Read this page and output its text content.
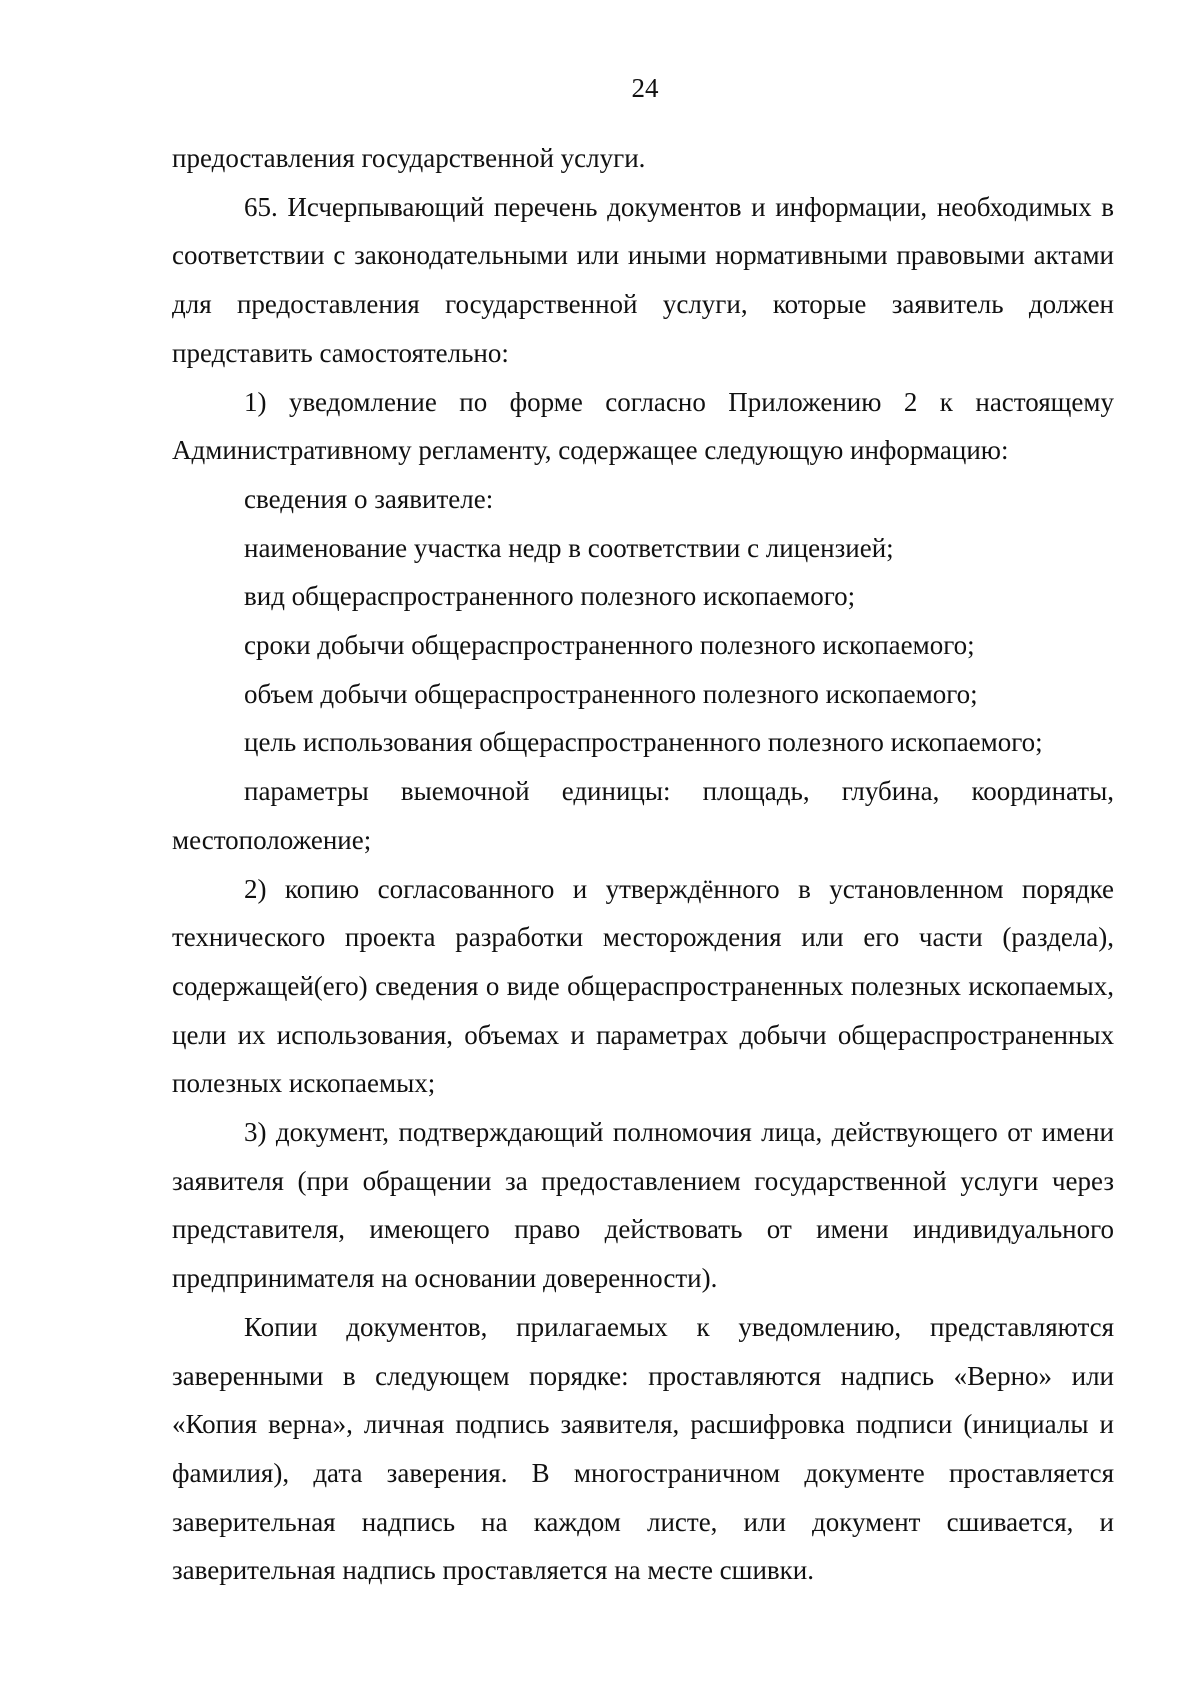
24

предоставления государственной услуги.

65. Исчерпывающий перечень документов и информации, необходимых в соответствии с законодательными или иными нормативными правовыми актами для предоставления государственной услуги, которые заявитель должен представить самостоятельно:

1) уведомление по форме согласно Приложению 2 к настоящему Административному регламенту, содержащее следующую информацию:

сведения о заявителе:

наименование участка недр в соответствии с лицензией;

вид общераспространенного полезного ископаемого;

сроки добычи общераспространенного полезного ископаемого;

объем добычи общераспространенного полезного ископаемого;

цель использования общераспространенного полезного ископаемого;

параметры выемочной единицы: площадь, глубина, координаты, местоположение;

2) копию согласованного и утверждённого в установленном порядке технического проекта разработки месторождения или его части (раздела), содержащей(его) сведения о виде общераспространенных полезных ископаемых, цели их использования, объемах и параметрах добычи общераспространенных полезных ископаемых;

3) документ, подтверждающий полномочия лица, действующего от имени заявителя (при обращении за предоставлением государственной услуги через представителя, имеющего право действовать от имени индивидуального предпринимателя на основании доверенности).

Копии документов, прилагаемых к уведомлению, представляются заверенными в следующем порядке: проставляются надпись «Верно» или «Копия верна», личная подпись заявителя, расшифровка подписи (инициалы и фамилия), дата заверения. В многостраничном документе проставляется заверительная надпись на каждом листе, или документ сшивается, и заверительная надпись проставляется на месте сшивки.
